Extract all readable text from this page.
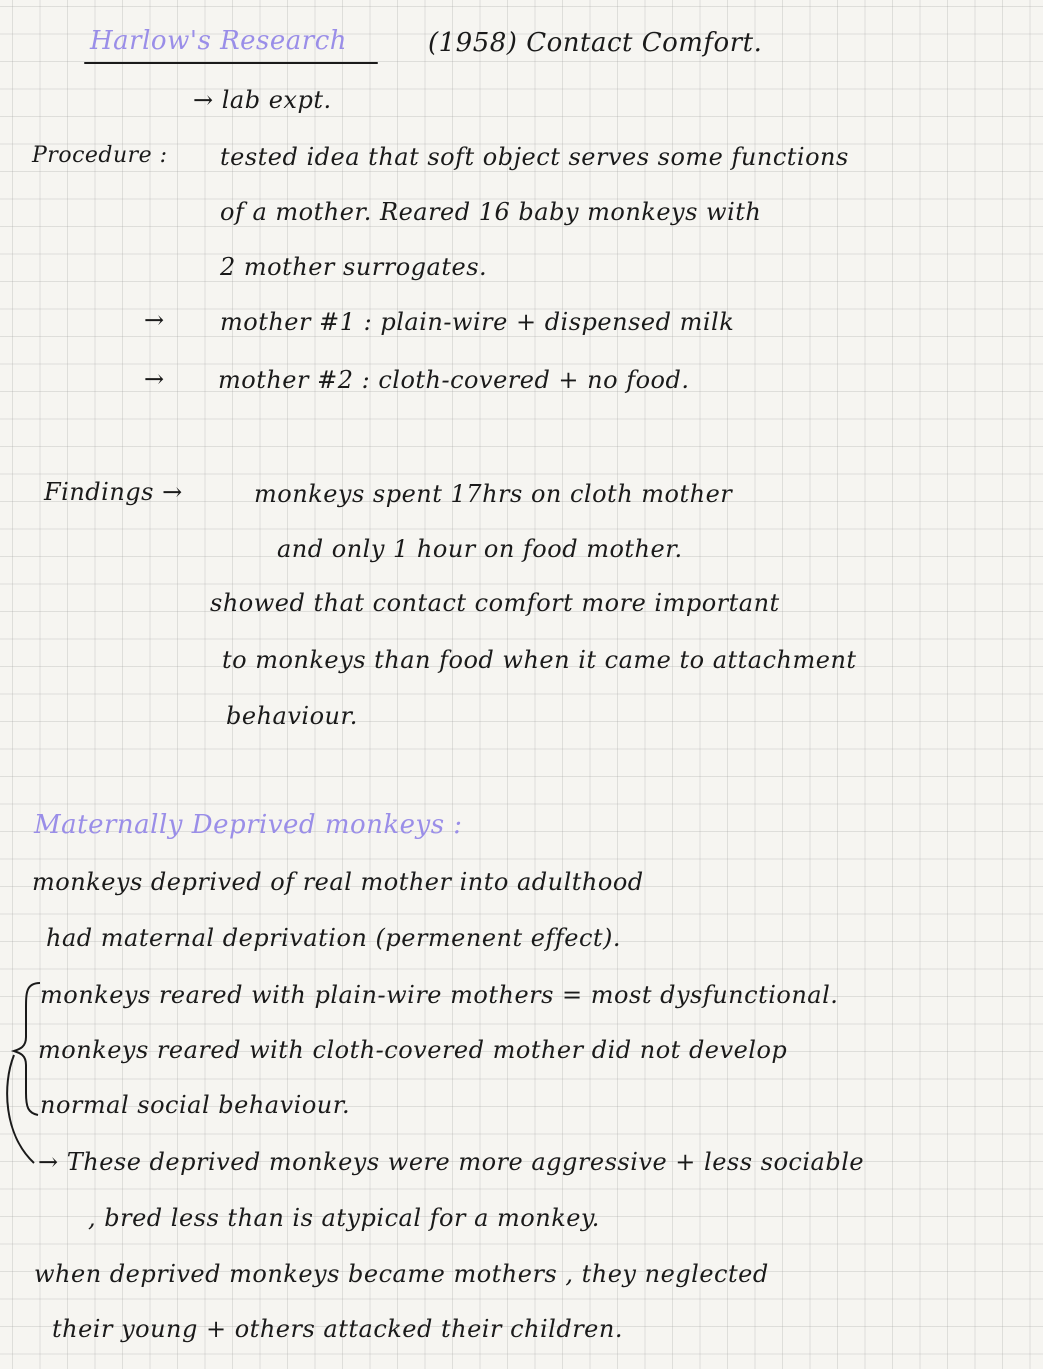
Harlow's Research	(1958) Contact Comfort.
→ lab expt.
Procedure : tested idea that soft object serves some functions
of a mother. Reared 16 baby monkeys with
2 mother surrogates.
→ mother #1 : plain-wire + dispensed milk
→ mother #2 : cloth-covered + no food.
Findings →	monkeys spent 17hrs on cloth mother
and only 1 hour on food mother.
showed that contact comfort more important
to monkeys than food when it came to attachment
behaviour.
Maternally Deprived monkeys :
monkeys deprived of real mother into adulthood
had maternal deprivation (permenent effect).
monkeys reared with plain-wire mothers = most dysfunctional.
monkeys reared with cloth-covered mother did not develop
normal social behaviour.
→ These deprived monkeys were more aggressive + less sociable
, bred less than is atypical for a monkey.
when deprived monkeys became mothers , they neglected
their young + others attacked their children.
